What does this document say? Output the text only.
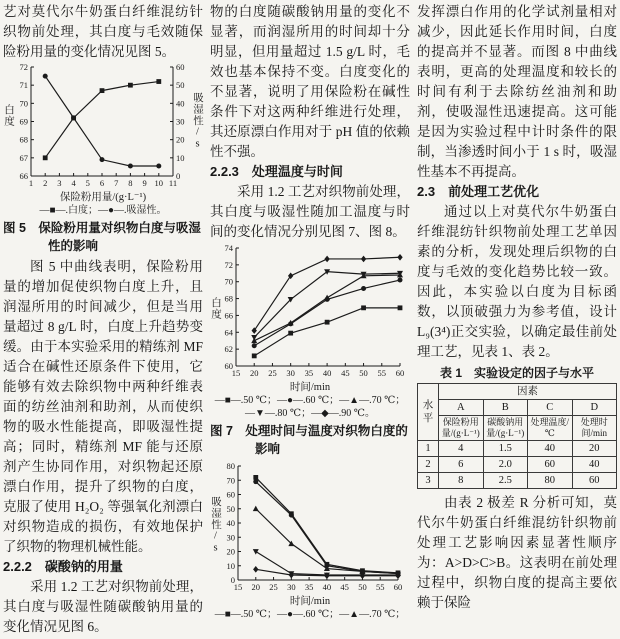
艺对莫代尔牛奶蛋白纤维混纺针织物前处理，其白度与毛效随保险粉用量的变化情况见图 5。

1 2 3 4 5 6 7 8 9 10 11
66
67
68
69
70
71
72
0
10
20
30
40
50
60
白度	吸湿性/s
保险粉用量/(g·L⁻¹)
—■—.白度；—●—.吸湿性。
图 5　保险粉用量对织物白度与吸湿性的影响

图 5 中曲线表明，保险粉用量的增加促使织物白度上升，且润湿所用的时间减少，但是当用量超过 8 g/L 时，白度上升趋势变缓。由于本实验采用的精练剂 MF 适合在碱性还原条件下使用，它能够有效去除织物中两种纤维表面的纺丝油剂和助剂，从而使织物的吸水性能提高，即吸湿性提高；同时，精练剂 MF 能与还原剂产生协同作用，对织物起还原漂白作用，提升了织物的白度，克服了使用 H₂O₂ 等强氧化剂漂白对织物造成的损伤，有效地保护了织物的物理机械性能。

2.2.2　碳酸钠的用量

采用 1.2 工艺对织物前处理，其白度与吸湿性随碳酸钠用量的变化情况见图 6。

物的白度随碳酸钠用量的变化不显著，而润湿所用的时间却十分明显，但用量超过 1.5 g/L 时，毛效也基本保持不变。白度变化的不显著，说明了用保险粉在碱性条件下对这两种纤维进行处理，其还原漂白作用对于 pH 值的依赖性不强。

2.2.3　处理温度与时间

采用 1.2 工艺对织物前处理，其白度与吸湿性随加工温度与时间的变化情况分别见图 7、图 8。

15 20 25 30 35 40 45 50 55 60
60
62
64
66
68
70
72
74
白度
时间/min
—■—.50 ℃；—●—.60 ℃；—▲—.70 ℃；
—▼—.80 ℃；—◆—.90 ℃。
图 7　处理时间与温度对织物白度的影响
15 20 25 30 35 40 45 50 55 60
0
10
20
30
40
50
60
70
80
吸湿性/s
时间/min
—■—.50 ℃；—●—.60 ℃；—▲—.70 ℃；

发挥漂白作用的化学试剂量相对减少，因此延长作用时间，白度的提高并不显著。而图 8 中曲线表明，更高的处理温度和较长的时间有利于去除纺丝油剂和助剂，使吸湿性迅速提高。这可能是因为实验过程中计时条件的限制，当渗透时间小于 1 s 时，吸湿性基本不再提高。

2.3　前处理工艺优化

通过以上对莫代尔牛奶蛋白纤维混纺针织物前处理工艺单因素的分析，发现处理后织物的白度与毛效的变化趋势比较一致。因此，本实验以白度为目标函数，以顶破强力为参考值，设计 L₉(3⁴)正交实验，以确定最佳前处理工艺，见表 1、表 2。

表 1　实验设定的因子与水平
水平	因素			
	A	B	C	D
	保险粉用量/(g·L⁻¹)	碳酸钠用量/(g·L⁻¹)	处理温度/℃	处理时间/min
1	4	1.5	40	20
2	6	2.0	60	40
3	8	2.5	80	60

由表 2 极差 R 分析可知，莫代尔牛奶蛋白纤维混纺针织物前处理工艺影响因素显著性顺序为：A>D>C>B。这表明在前处理过程中，织物白度的提高主要依赖于保险
